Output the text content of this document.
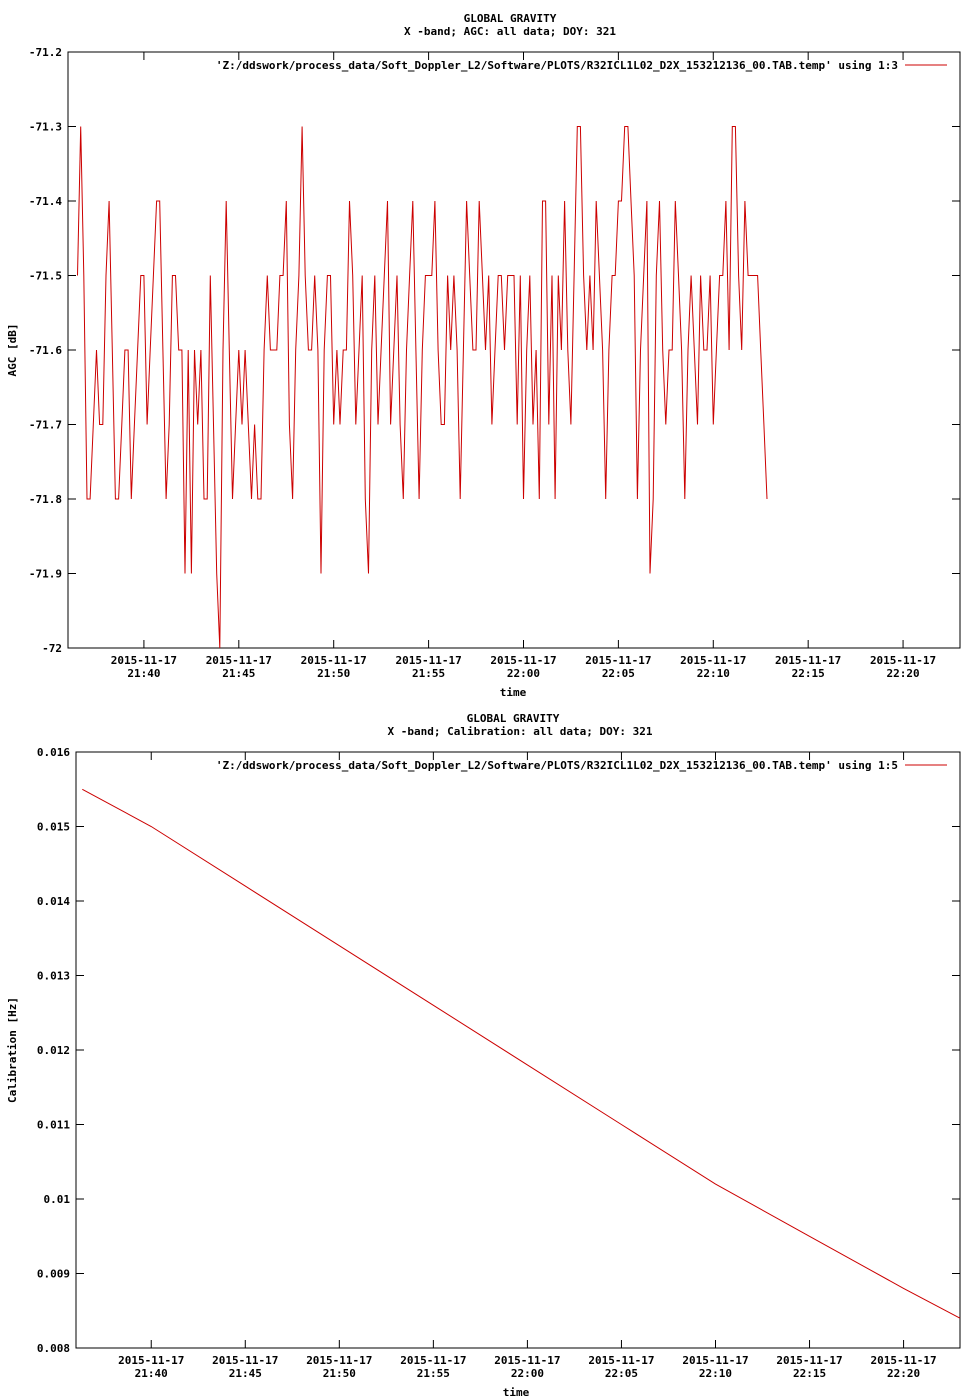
GLOBAL GRAVITY
X -band; AGC: all data; DOY: 321
'Z:/ddswork/process_data/Soft_Doppler_L2/Software/PLOTS/R32ICL1L02_D2X_153212136_00.TAB.temp' using 1:3
AGC [dB]
time
-71.2
-71.3
-71.4
-71.5
-71.6
-71.7
-71.8
-71.9
-72
2015-11-17
21:40
2015-11-17
21:45
2015-11-17
21:50
2015-11-17
21:55
2015-11-17
22:00
2015-11-17
22:05
2015-11-17
22:10
2015-11-17
22:15
2015-11-17
22:20
GLOBAL GRAVITY
X -band; Calibration: all data; DOY: 321
'Z:/ddswork/process_data/Soft_Doppler_L2/Software/PLOTS/R32ICL1L02_D2X_153212136_00.TAB.temp' using 1:5
Calibration [Hz]
time
0.016
0.015
0.014
0.013
0.012
0.011
0.01
0.009
0.008
2015-11-17
21:40
2015-11-17
21:45
2015-11-17
21:50
2015-11-17
21:55
2015-11-17
22:00
2015-11-17
22:05
2015-11-17
22:10
2015-11-17
22:15
2015-11-17
22:20
